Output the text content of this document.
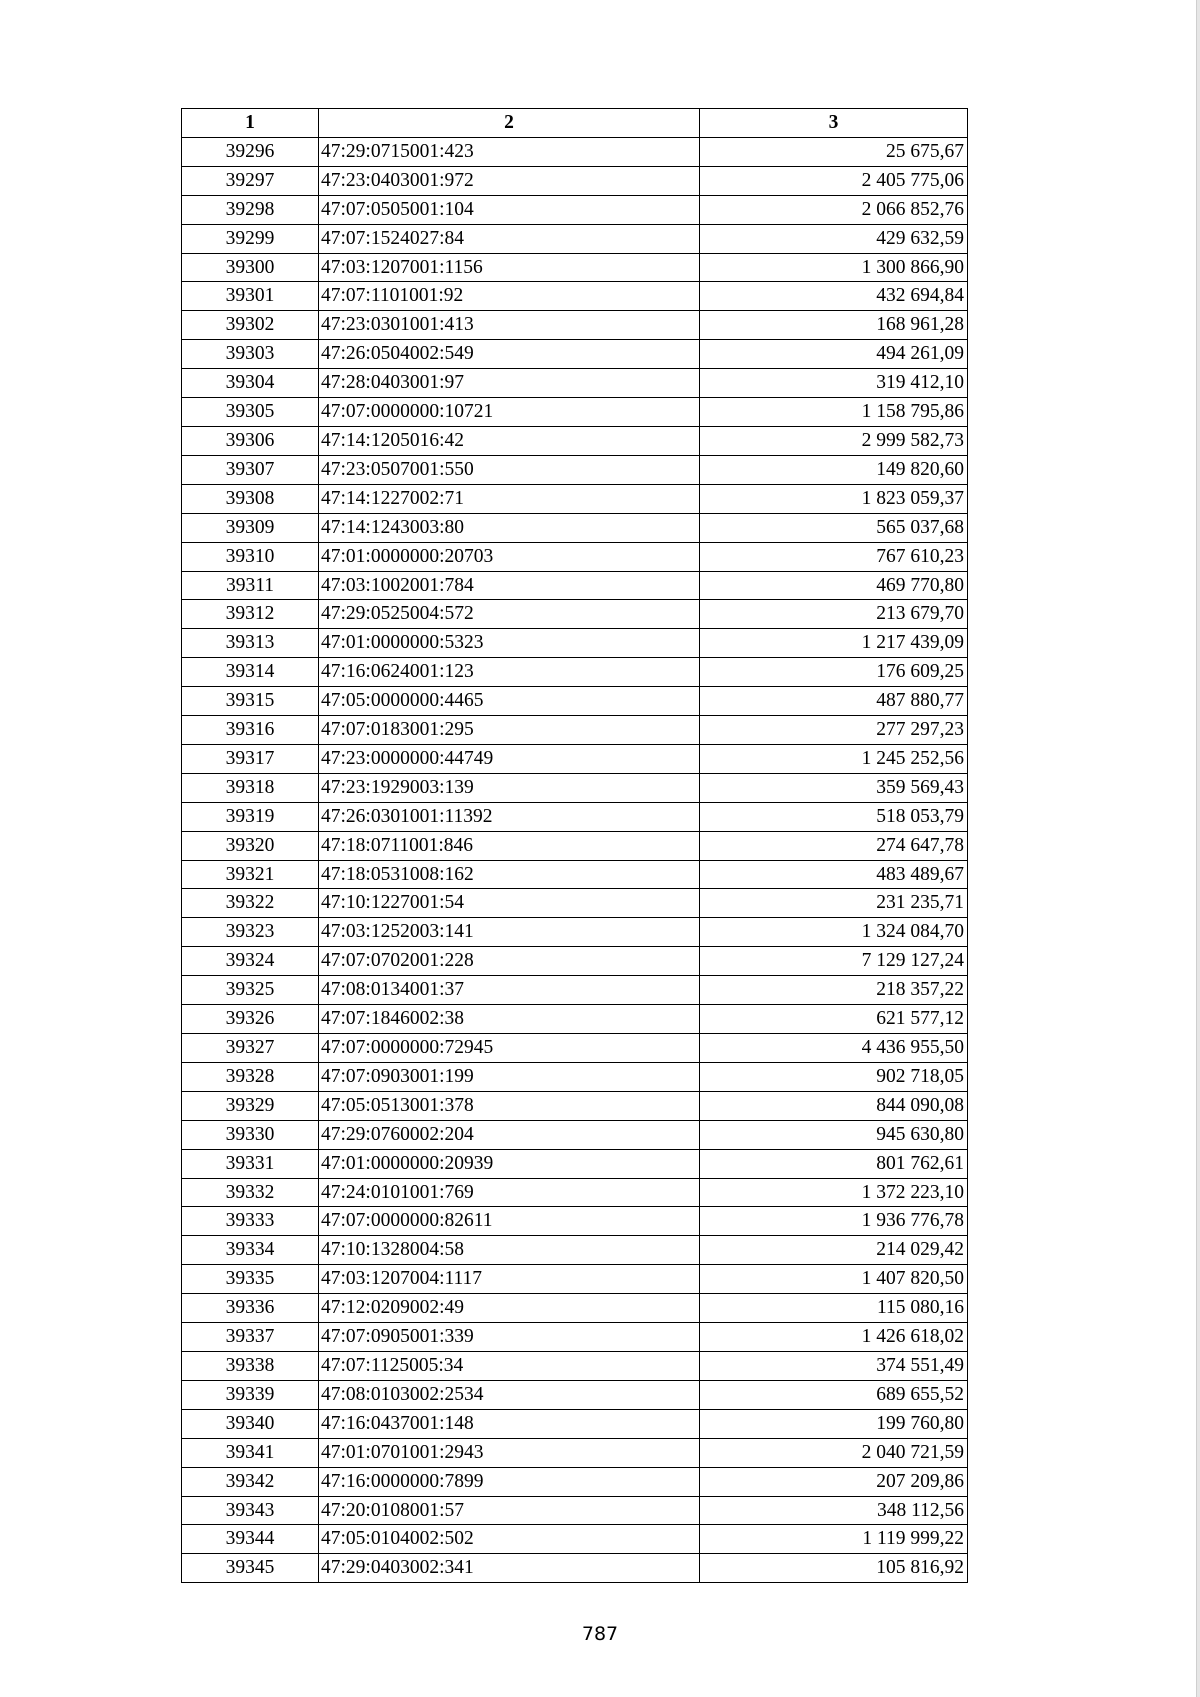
1	2	3
39296	47:29:0715001:423	25 675,67
39297	47:23:0403001:972	2 405 775,06
39298	47:07:0505001:104	2 066 852,76
39299	47:07:1524027:84	429 632,59
39300	47:03:1207001:1156	1 300 866,90
39301	47:07:1101001:92	432 694,84
39302	47:23:0301001:413	168 961,28
39303	47:26:0504002:549	494 261,09
39304	47:28:0403001:97	319 412,10
39305	47:07:0000000:10721	1 158 795,86
39306	47:14:1205016:42	2 999 582,73
39307	47:23:0507001:550	149 820,60
39308	47:14:1227002:71	1 823 059,37
39309	47:14:1243003:80	565 037,68
39310	47:01:0000000:20703	767 610,23
39311	47:03:1002001:784	469 770,80
39312	47:29:0525004:572	213 679,70
39313	47:01:0000000:5323	1 217 439,09
39314	47:16:0624001:123	176 609,25
39315	47:05:0000000:4465	487 880,77
39316	47:07:0183001:295	277 297,23
39317	47:23:0000000:44749	1 245 252,56
39318	47:23:1929003:139	359 569,43
39319	47:26:0301001:11392	518 053,79
39320	47:18:0711001:846	274 647,78
39321	47:18:0531008:162	483 489,67
39322	47:10:1227001:54	231 235,71
39323	47:03:1252003:141	1 324 084,70
39324	47:07:0702001:228	7 129 127,24
39325	47:08:0134001:37	218 357,22
39326	47:07:1846002:38	621 577,12
39327	47:07:0000000:72945	4 436 955,50
39328	47:07:0903001:199	902 718,05
39329	47:05:0513001:378	844 090,08
39330	47:29:0760002:204	945 630,80
39331	47:01:0000000:20939	801 762,61
39332	47:24:0101001:769	1 372 223,10
39333	47:07:0000000:82611	1 936 776,78
39334	47:10:1328004:58	214 029,42
39335	47:03:1207004:1117	1 407 820,50
39336	47:12:0209002:49	115 080,16
39337	47:07:0905001:339	1 426 618,02
39338	47:07:1125005:34	374 551,49
39339	47:08:0103002:2534	689 655,52
39340	47:16:0437001:148	199 760,80
39341	47:01:0701001:2943	2 040 721,59
39342	47:16:0000000:7899	207 209,86
39343	47:20:0108001:57	348 112,56
39344	47:05:0104002:502	1 119 999,22
39345	47:29:0403002:341	105 816,92
787
